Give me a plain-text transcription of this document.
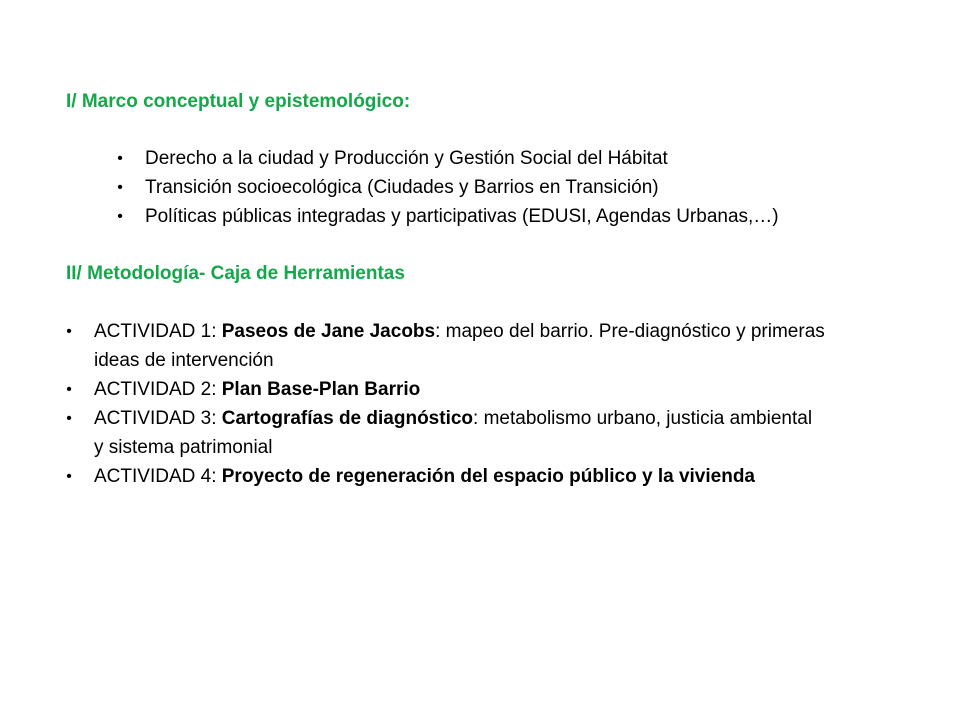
I/ Marco conceptual y epistemológico:
• Derecho a la ciudad y Producción y Gestión Social del Hábitat
• Transición socioecológica (Ciudades y Barrios en Transición)
• Políticas públicas integradas y participativas (EDUSI, Agendas Urbanas,…)
II/ Metodología- Caja de Herramientas
• ACTIVIDAD 1: Paseos de Jane Jacobs: mapeo del barrio. Pre-diagnóstico y primeras
ideas de intervención
• ACTIVIDAD 2: Plan Base-Plan Barrio
• ACTIVIDAD 3: Cartografías de diagnóstico: metabolismo urbano, justicia ambiental
y sistema patrimonial
• ACTIVIDAD 4: Proyecto de regeneración del espacio público y la vivienda
